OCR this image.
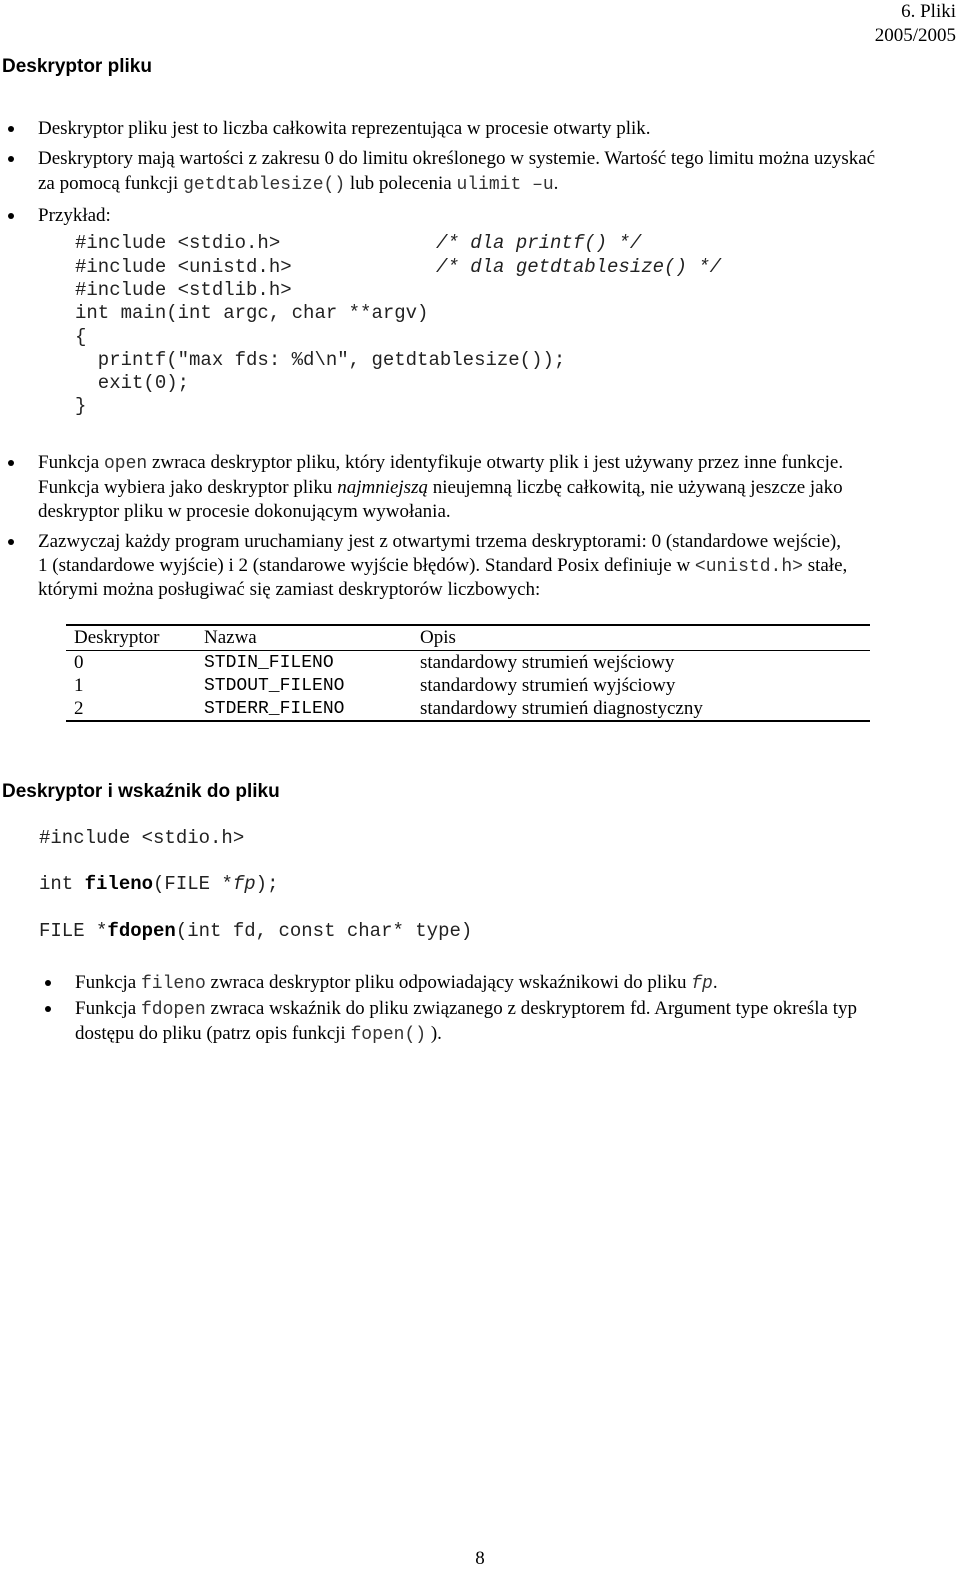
6. Pliki
2005/2005
Deskryptor pliku
Deskryptor pliku jest to liczba całkowita reprezentująca w procesie otwarty plik.
Deskryptory mają wartości z zakresu 0 do limitu określonego w systemie. Wartość tego limitu można uzyskać
za pomocą funkcji getdtablesize() lub polecenia ulimit –u.
Przykład:
#include <stdio.h>	/* dla printf() */
#include <unistd.h>	/* dla getdtablesize() */
#include <stdlib.h>
int main(int argc, char **argv)
{
printf("max fds: %d\n", getdtablesize());
exit(0);
}
Funkcja open zwraca deskryptor pliku, który identyfikuje otwarty plik i jest używany przez inne funkcje.
Funkcja wybiera jako deskryptor pliku najmniejszą nieujemną liczbę całkowitą, nie używaną jeszcze jako
deskryptor pliku w procesie dokonującym wywołania.
Zazwyczaj każdy program uruchamiany jest z otwartymi trzema deskryptorami: 0 (standardowe wejście),
1 (standardowe wyjście) i 2 (standarowe wyjście błędów). Standard Posix definiuje w <unistd.h> stałe,
którymi można posługiwać się zamiast deskryptorów liczbowych:
Deskryptor	Nazwa	Opis
0	STDIN_FILENO	standardowy strumień wejściowy
1	STDOUT_FILENO	standardowy strumień wyjściowy
2	STDERR_FILENO	standardowy strumień diagnostyczny
Deskryptor i wskaźnik do pliku
#include <stdio.h>
int fileno(FILE *fp);
FILE *fdopen(int fd, const char* type)
Funkcja fileno zwraca deskryptor pliku odpowiadający wskaźnikowi do pliku fp.
Funkcja fdopen zwraca wskaźnik do pliku związanego z deskryptorem fd. Argument type określa typ
dostępu do pliku (patrz opis funkcji fopen() ).
8
